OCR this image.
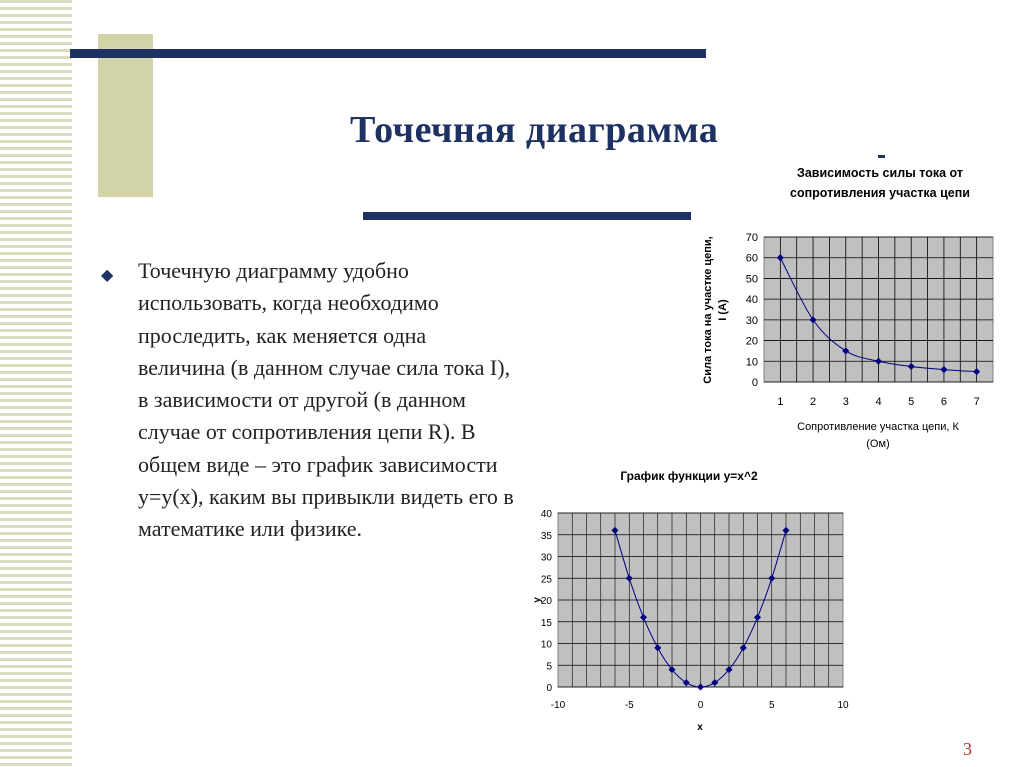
Точечная диаграмма
◆ Точечную диаграмму удобно использовать, когда необходимо проследить, как меняется одна величина (в данном случае сила тока I), в зависимости от другой (в данном случае от сопротивления цепи R). В общем виде – это график зависимости y=y(x), каким вы привыкли видеть его в математике или физике.

3
0
10
20
30
40
50
60
70
1 2 3 4 5 6 7
Зависимость силы тока от
сопротивления участка цепи
Сопротивление участка цепи, К
(Ом)
Сила тока на участке цепи, I (А)
0
5
10
15
20
25
30
35
40
-10	-5	0	5	10
График функции y=x^2
x
y
